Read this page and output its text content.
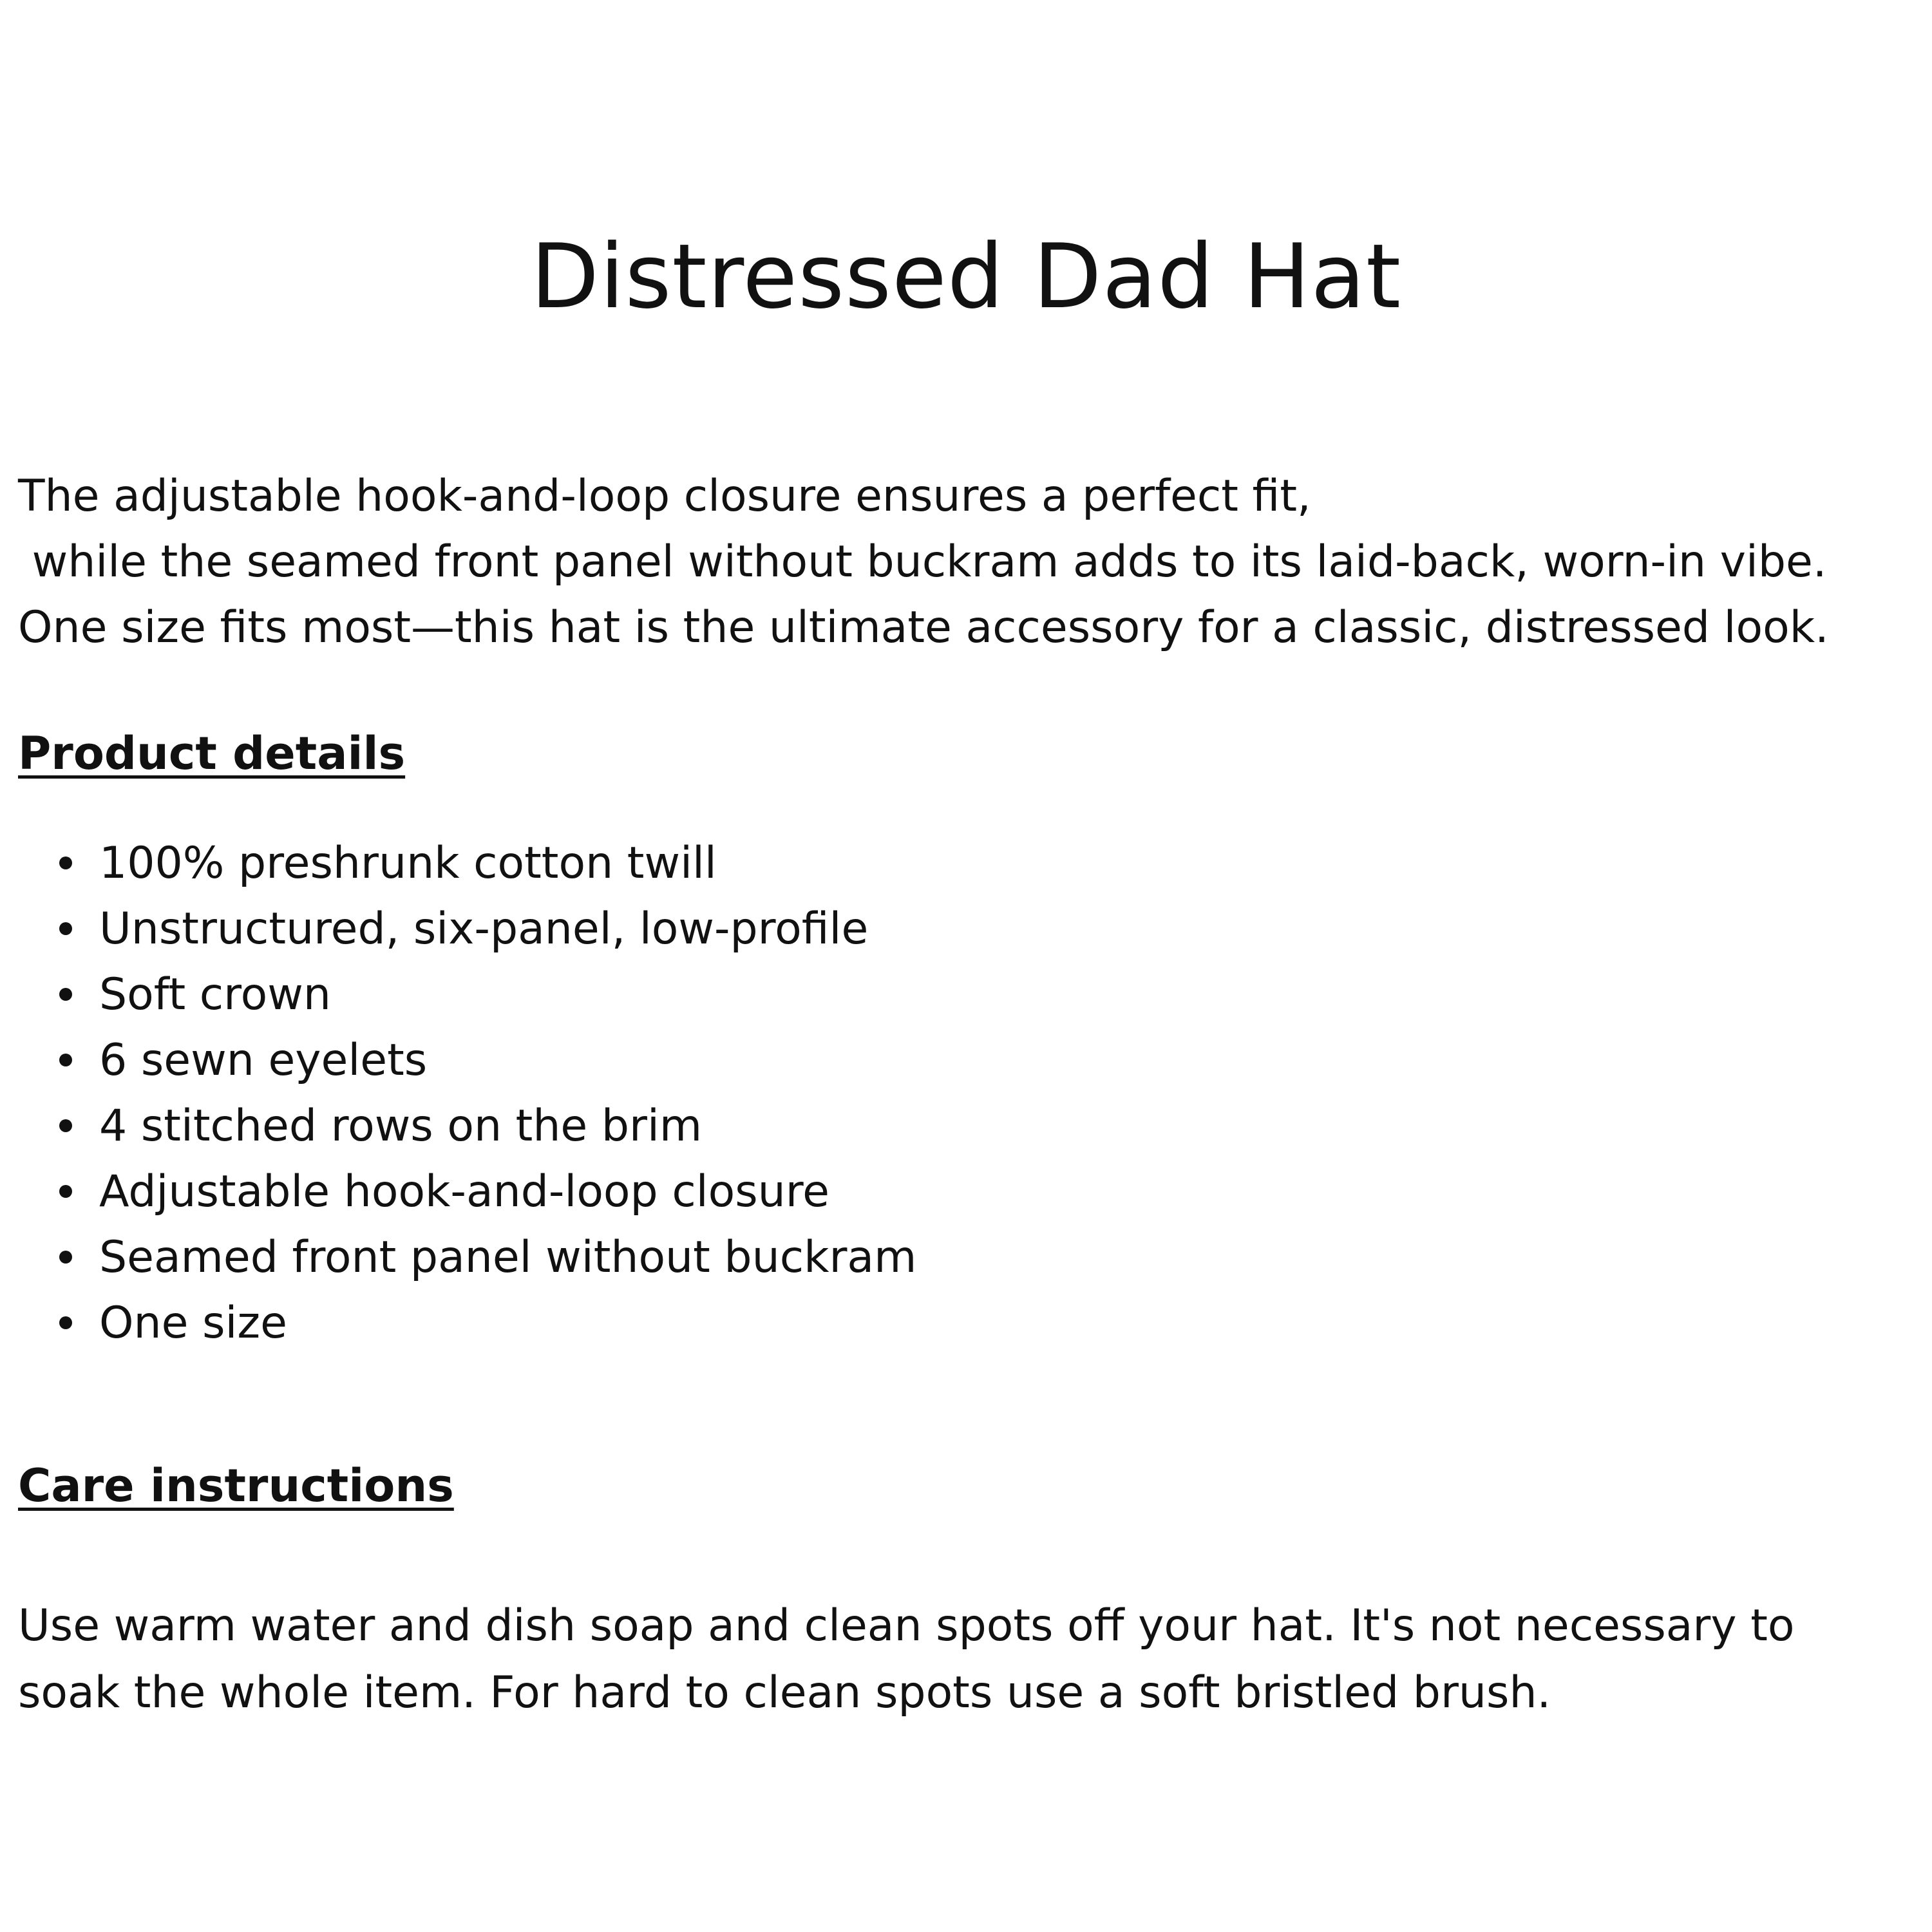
Distressed Dad Hat

The adjustable hook-and-loop closure ensures a perfect fit,
while the seamed front panel without buckram adds to its laid-back, worn-in vibe.
One size fits most—this hat is the ultimate accessory for a classic, distressed look.

Product details
100% preshrunk cotton twill
Unstructured, six-panel, low-profile
Soft crown
6 sewn eyelets
4 stitched rows on the brim
Adjustable hook-and-loop closure
Seamed front panel without buckram
One size
Care instructions

Use warm water and dish soap and clean spots off your hat. It's not necessary to
soak the whole item. For hard to clean spots use a soft bristled brush.
